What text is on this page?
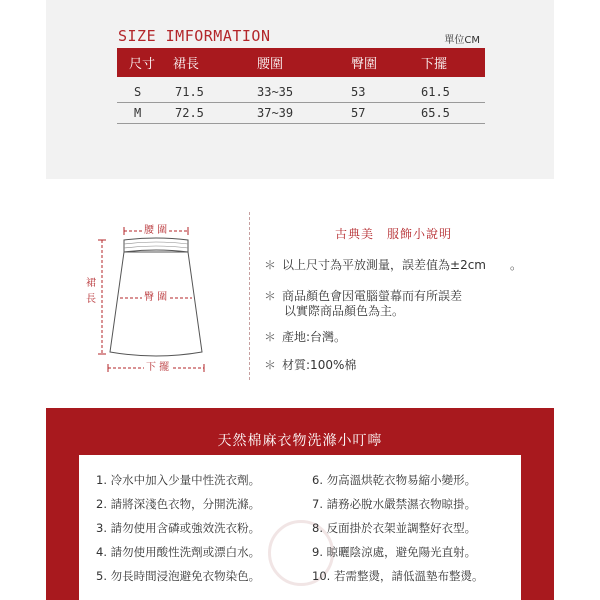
SIZE IMFORMATION	單位CM
尺寸	裙長	腰圍	臀圍	下擺
S	71.5	33~35	53	61.5
M	72.5	37~39	57	65.5
腰 圍
裙
長	臀 圍
下 擺
古典美　服飾小說明
＊ 以上尺寸為平放測量，誤差值為±2cm　　。
＊ 商品顏色會因電腦螢幕而有所誤差
以實際商品顏色為主。
＊ 產地:台灣。
＊ 材質:100%棉
天然棉麻衣物洗滌小叮嚀
1. 冷水中加入少量中性洗衣劑。
2. 請將深淺色衣物，分開洗滌。
3. 請勿使用含磷或強效洗衣粉。
4. 請勿使用酸性洗劑或漂白水。
5. 勿長時間浸泡避免衣物染色。
6. 勿高溫烘乾衣物易縮小變形。
7. 請務必脫水嚴禁濕衣物晾掛。
8. 反面掛於衣架並調整好衣型。
9. 晾曬陰涼處，避免陽光直射。
10. 若需整燙，請低溫墊布整燙。
